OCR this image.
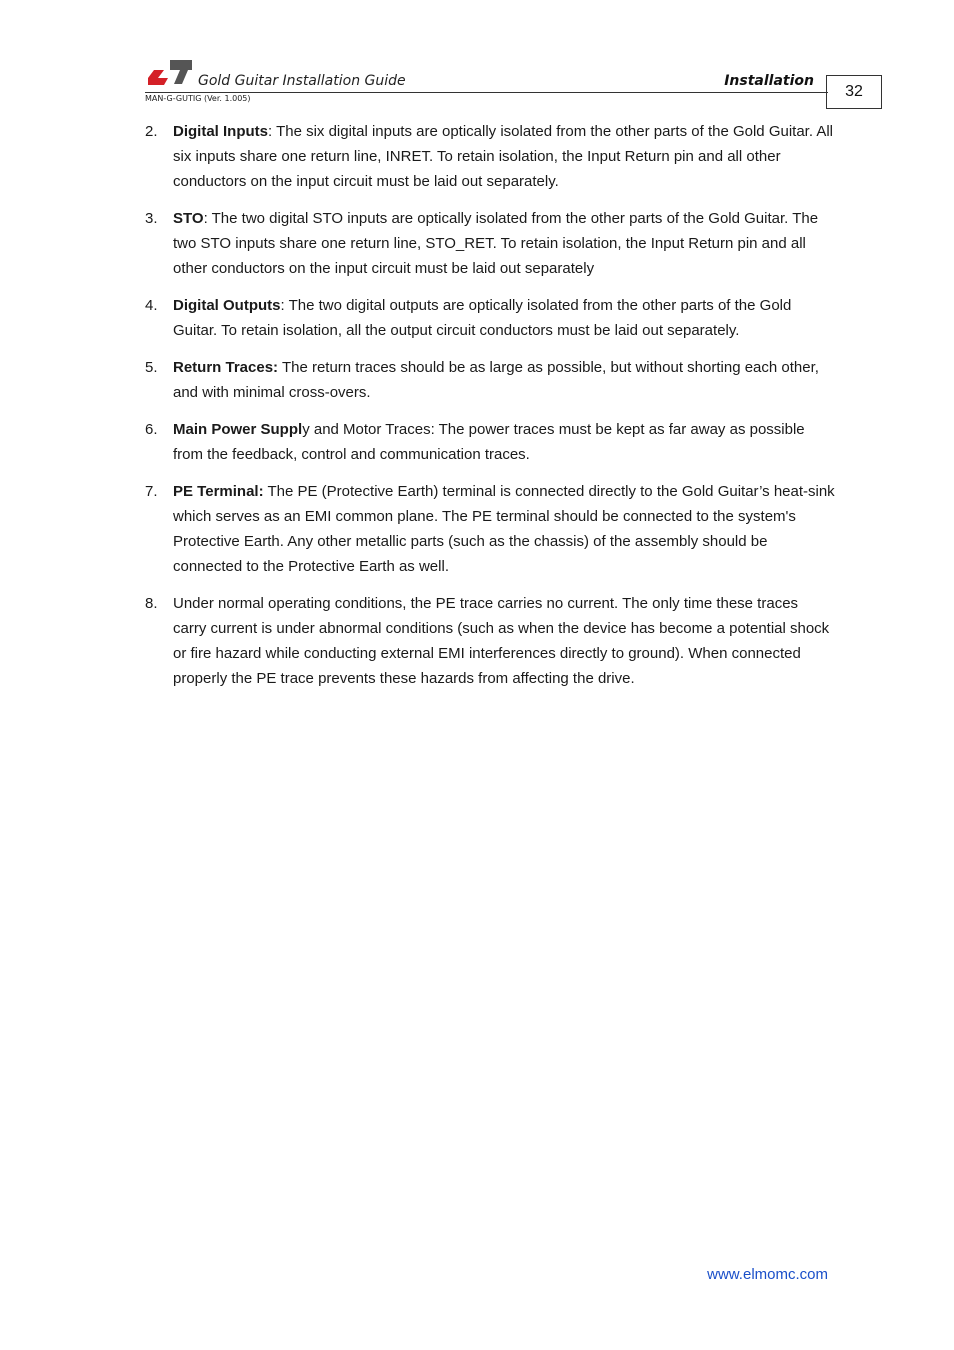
Gold Guitar Installation Guide	Installation
MAN-G-GUTIG (Ver. 1.005)	32
2. Digital Inputs: The six digital inputs are optically isolated from the other parts of the Gold Guitar. All six inputs share one return line, INRET. To retain isolation, the Input Return pin and all other conductors on the input circuit must be laid out separately.
3. STO: The two digital STO inputs are optically isolated from the other parts of the Gold Guitar. The two STO inputs share one return line, STO_RET. To retain isolation, the Input Return pin and all other conductors on the input circuit must be laid out separately
4. Digital Outputs: The two digital outputs are optically isolated from the other parts of the Gold Guitar. To retain isolation, all the output circuit conductors must be laid out separately.
5. Return Traces: The return traces should be as large as possible, but without shorting each other, and with minimal cross-overs.
6. Main Power Supply and Motor Traces: The power traces must be kept as far away as possible from the feedback, control and communication traces.
7. PE Terminal: The PE (Protective Earth) terminal is connected directly to the Gold Guitar’s heat-sink which serves as an EMI common plane. The PE terminal should be connected to the system's Protective Earth. Any other metallic parts (such as the chassis) of the assembly should be connected to the Protective Earth as well.
8. Under normal operating conditions, the PE trace carries no current. The only time these traces carry current is under abnormal conditions (such as when the device has become a potential shock or fire hazard while conducting external EMI interferences directly to ground). When connected properly the PE trace prevents these hazards from affecting the drive.
www.elmomc.com
